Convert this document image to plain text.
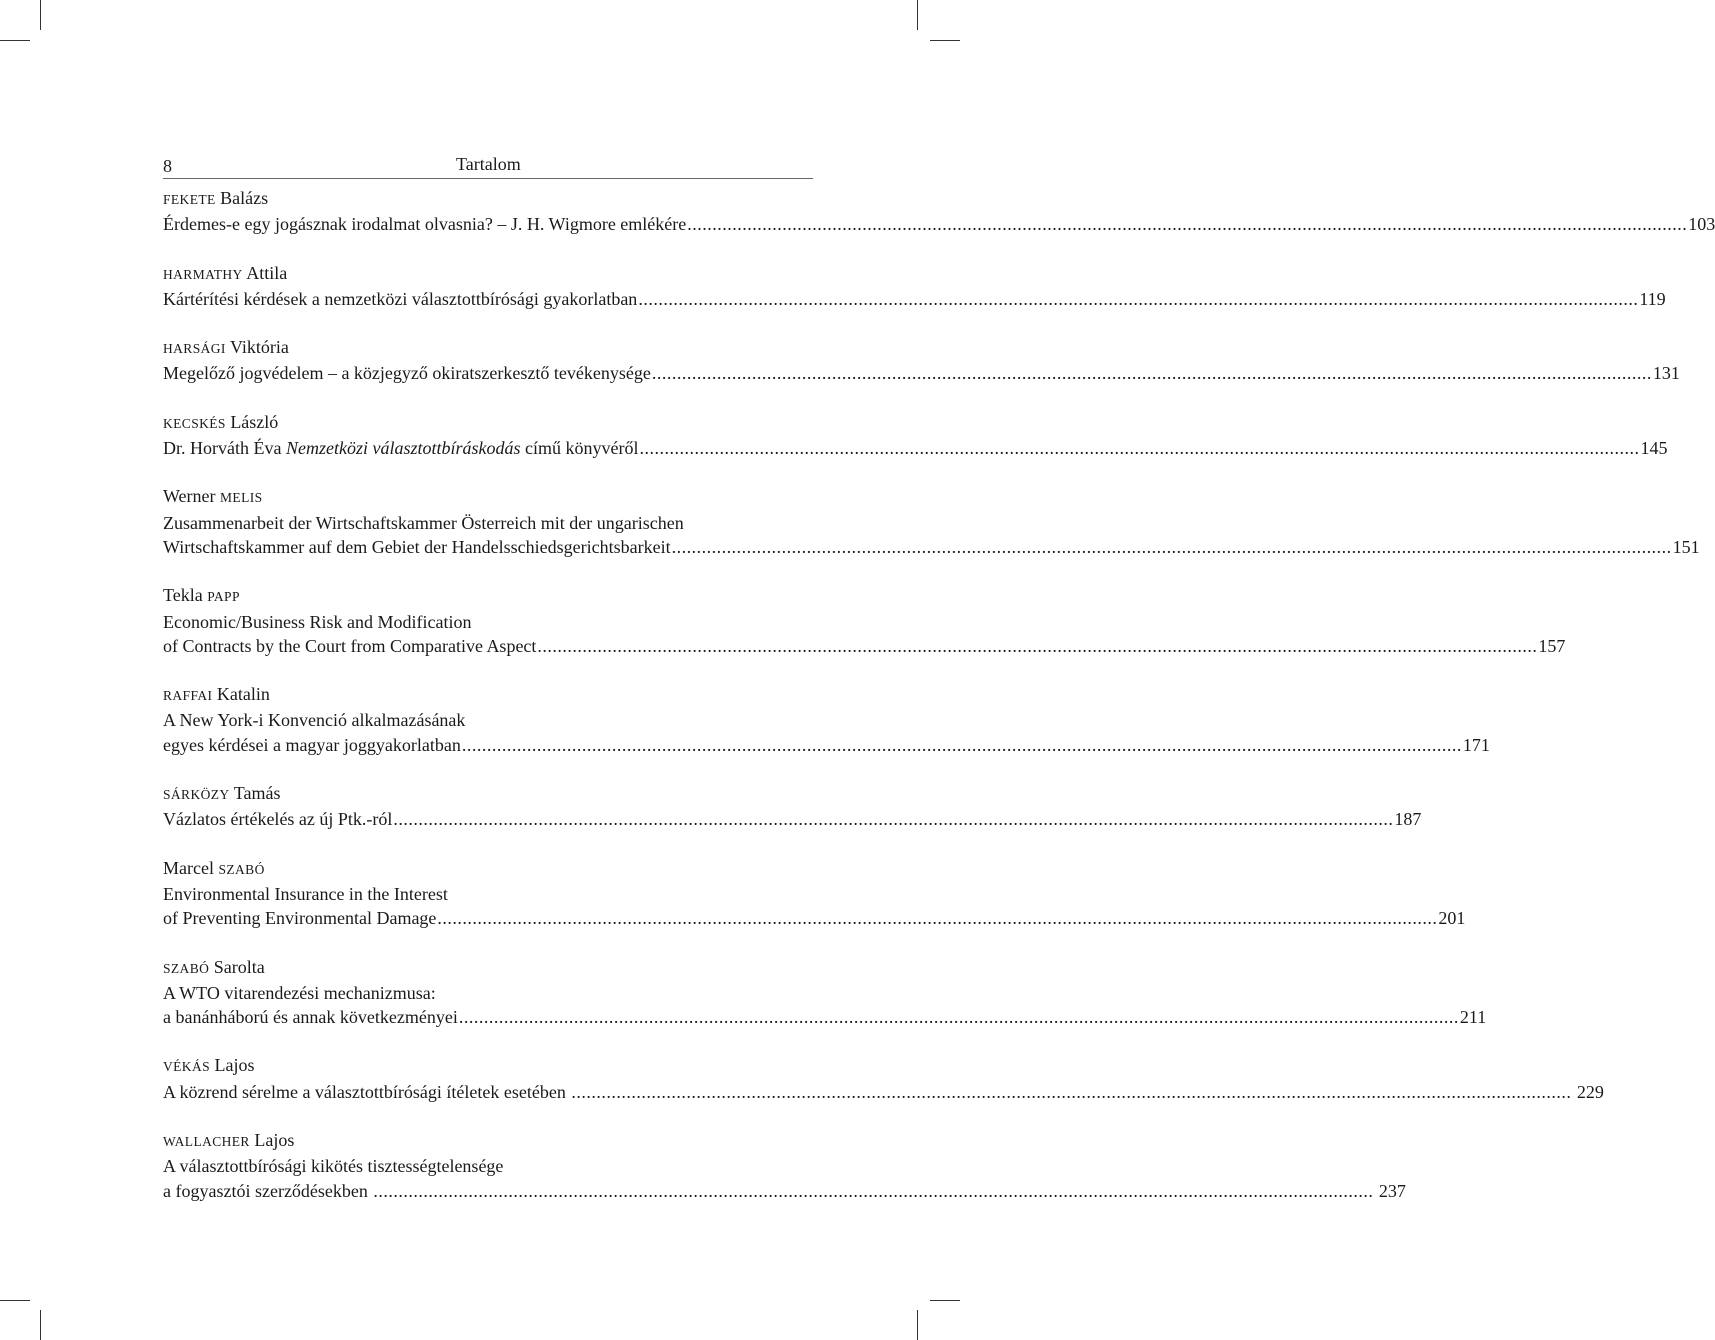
8	Tartalom
FEKETE Balázs
Érdemes-e egy jogásznak irodalmat olvasnia? – J. H. Wigmore emlékére ........................................................................................................................................................................................................ 103
HARMATHY Attila
Kártérítési kérdések a nemzetközi választottbírósági gyakorlatban ........................................................................................................................................................................................................ 119
HARSÁGI Viktória
Megelőző jogvédelem – a közjegyző okiratszerkesztő tevékenysége ........................................................................................................................................................................................................ 131
KECSKÉS László
Dr. Horváth Éva Nemzetközi választottbíráskodás című könyvéről ........................................................................................................................................................................................................ 145
Werner MELIS
Zusammenarbeit der Wirtschaftskammer Österreich mit der ungarischen
Wirtschaftskammer auf dem Gebiet der Handelsschiedsgerichtsbarkeit ........................................................................................................................................................................................................ 151
Tekla PAPP
Economic/Business Risk and Modification
of Contracts by the Court from Comparative Aspect ........................................................................................................................................................................................................ 157
RAFFAI Katalin
A New York-i Konvenció alkalmazásának
egyes kérdései a magyar joggyakorlatban ........................................................................................................................................................................................................ 171
SÁRKÖZY Tamás
Vázlatos értékelés az új Ptk.-ról ........................................................................................................................................................................................................ 187
Marcel SZABÓ
Environmental Insurance in the Interest
of Preventing Environmental Damage ........................................................................................................................................................................................................ 201
SZABÓ Sarolta
A WTO vitarendezési mechanizmusa:
a banánháború és annak következményei ........................................................................................................................................................................................................ 211
VÉKÁS Lajos
A közrend sérelme a választottbírósági ítéletek esetében ........................................................................................................................................................................................................ 229
WALLACHER Lajos
A választottbírósági kikötés tisztességtelensége
a fogyasztói szerződésekben ........................................................................................................................................................................................................ 237
